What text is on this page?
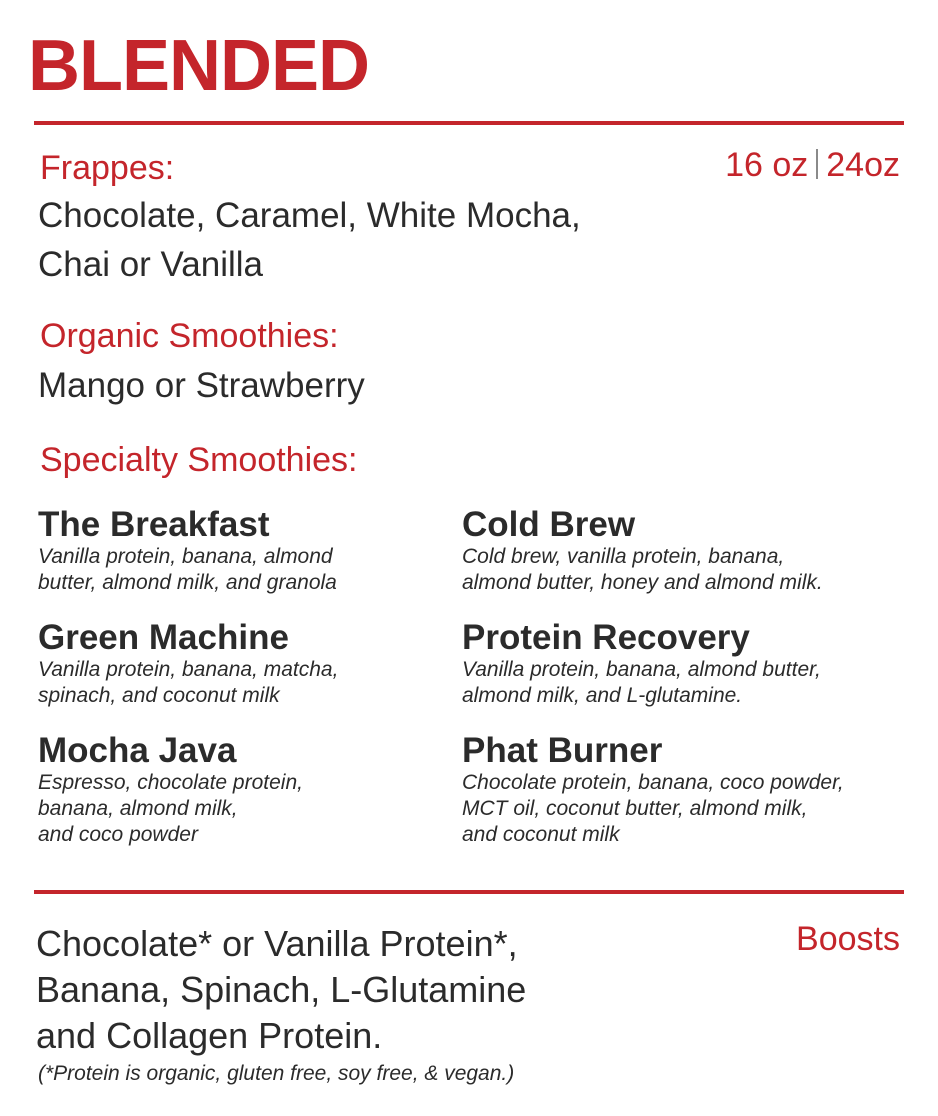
BLENDED
16 oz 24oz
Frappes:
Chocolate, Caramel, White Mocha,
Chai or Vanilla
Organic Smoothies:
Mango or Strawberry
Specialty Smoothies:
The Breakfast
Vanilla protein, banana, almond
butter, almond milk, and granola
Cold Brew
Cold brew, vanilla protein, banana,
almond butter, honey and almond milk.
Green Machine
Vanilla protein, banana, matcha,
spinach, and coconut milk
Protein Recovery
Vanilla protein, banana, almond butter,
almond milk, and L-glutamine.
Mocha Java
Espresso, chocolate protein,
banana, almond milk,
and coco powder
Phat Burner
Chocolate protein, banana, coco powder,
MCT oil, coconut butter, almond milk,
and coconut milk
Boosts
Chocolate* or Vanilla Protein*,
Banana, Spinach, L-Glutamine
and Collagen Protein.
(*Protein is organic, gluten free, soy free, & vegan.)
